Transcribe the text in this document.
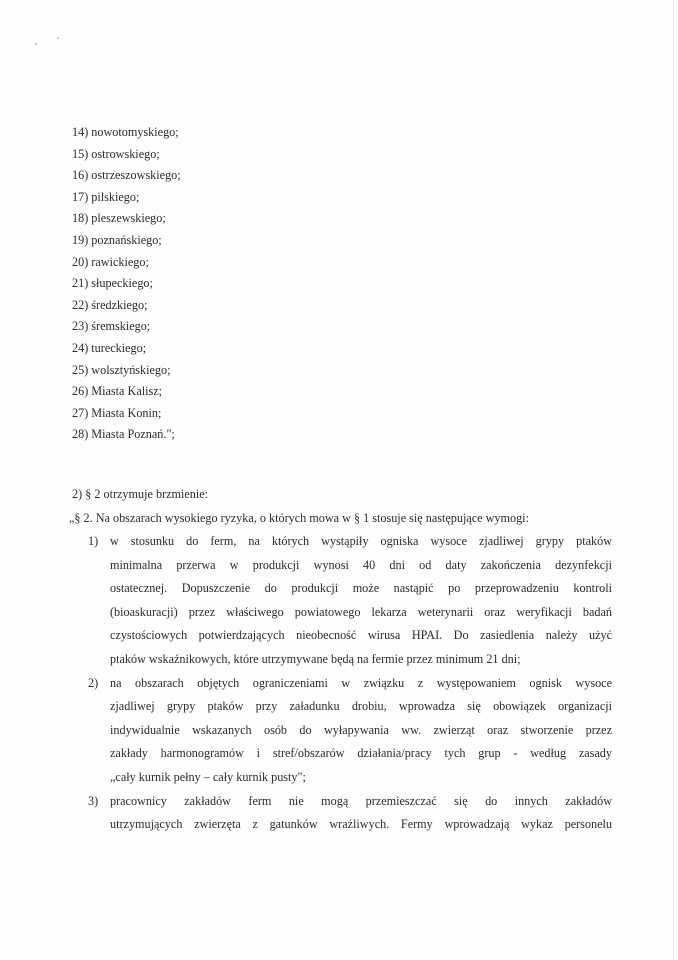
14) nowotomyskiego;
15) ostrowskiego;
16) ostrzeszowskiego;
17) pilskiego;
18) pleszewskiego;
19) poznańskiego;
20) rawickiego;
21) słupeckiego;
22) średzkiego;
23) śremskiego;
24) tureckiego;
25) wolsztyńskiego;
26) Miasta Kalisz;
27) Miasta Konin;
28) Miasta Poznań.";
2) § 2 otrzymuje brzmienie:
„§ 2. Na obszarach wysokiego ryzyka, o których mowa w § 1 stosuje się następujące wymogi:
1) w stosunku do ferm, na których wystąpiły ogniska wysoce zjadliwej grypy ptaków
minimalna przerwa w produkcji wynosi 40 dni od daty zakończenia dezynfekcji
ostatecznej. Dopuszczenie do produkcji może nastąpić po przeprowadzeniu kontroli
(bioaskuracji) przez właściwego powiatowego lekarza weterynarii oraz weryfikacji badań
czystościowych potwierdzających nieobecność wirusa HPAI. Do zasiedlenia należy użyć
ptaków wskaźnikowych, które utrzymywane będą na fermie przez minimum 21 dni;
2) na obszarach objętych ograniczeniami w związku z występowaniem ognisk wysoce
zjadliwej grypy ptaków przy załadunku drobiu, wprowadza się obowiązek organizacji
indywidualnie wskazanych osób do wyłapywania ww. zwierząt oraz stworzenie przez
zakłady harmonogramów i stref/obszarów działania/pracy tych grup - według zasady
„cały kurnik pełny – cały kurnik pusty";
3) pracownicy zakładów ferm nie mogą przemieszczać się do innych zakładów
utrzymujących zwierzęta z gatunków wrażliwych. Fermy wprowadzają wykaz personelu
